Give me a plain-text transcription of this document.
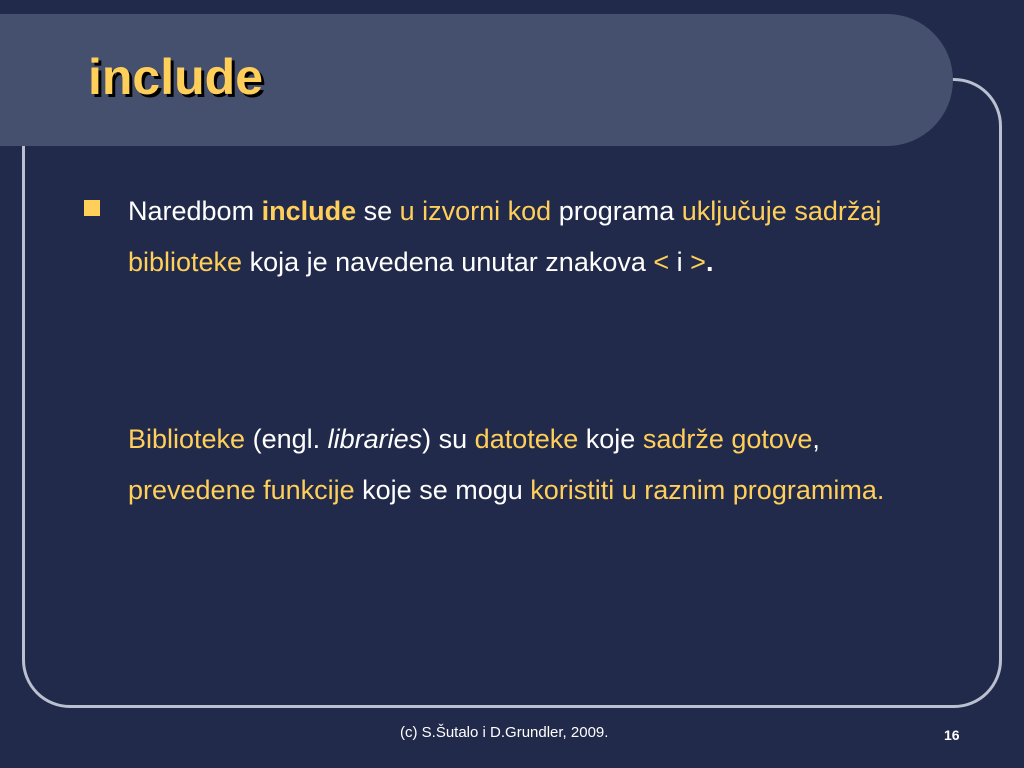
include

Naredbom include se u izvorni kod programa uključuje sadržaj biblioteke koja je navedena unutar znakova < i >.

Biblioteke (engl. libraries) su datoteke koje sadrže gotove, prevedene funkcije koje se mogu koristiti u raznim programima.

(c) S.Šutalo i D.Grundler, 2009.	16
